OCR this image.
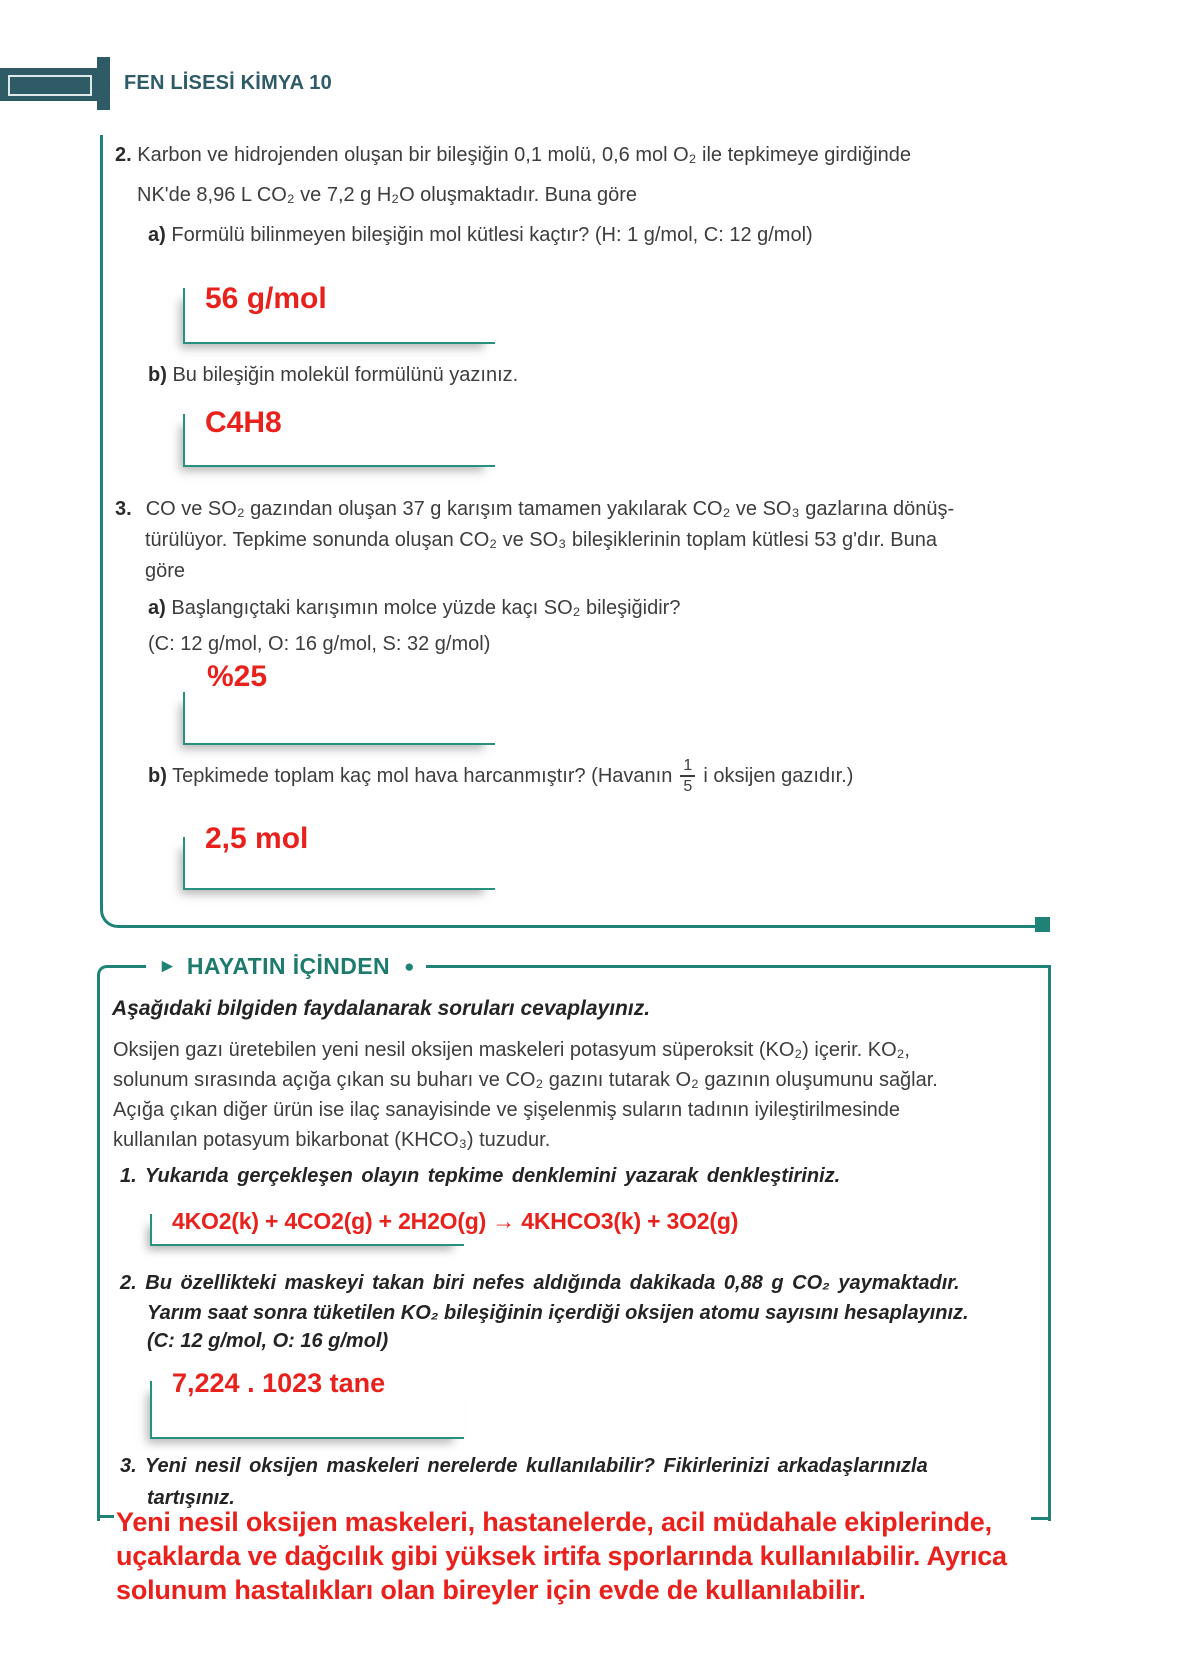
FEN LİSESİ KİMYA 10
2. Karbon ve hidrojenden oluşan bir bileşiğin 0,1 molü, 0,6 mol O₂ ile tepkimeye girdiğinde
NK'de 8,96 L CO₂ ve 7,2 g H₂O oluşmaktadır. Buna göre
a) Formülü bilinmeyen bileşiğin mol kütlesi kaçtır? (H: 1 g/mol, C: 12 g/mol)
56 g/mol
b) Bu bileşiğin molekül formülünü yazınız.
C4H8
3. CO ve SO₂ gazından oluşan 37 g karışım tamamen yakılarak CO₂ ve SO₃ gazlarına dönüş-
türülüyor. Tepkime sonunda oluşan CO₂ ve SO₃ bileşiklerinin toplam kütlesi 53 g'dır. Buna
göre
a) Başlangıçtaki karışımın molce yüzde kaçı SO₂ bileşiğidir?
(C: 12 g/mol, O: 16 g/mol, S: 32 g/mol)
%25
b) Tepkimede toplam kaç mol hava harcanmıştır? (Havanın $\frac{1}{5}$ i oksijen gazıdır.)
2,5 mol
► HAYATIN İÇİNDEN ●
Aşağıdaki bilgiden faydalanarak soruları cevaplayınız.
Oksijen gazı üretebilen yeni nesil oksijen maskeleri potasyum süperoksit (KO₂) içerir. KO₂,
solunum sırasında açığa çıkan su buharı ve CO₂ gazını tutarak O₂ gazının oluşumunu sağlar.
Açığa çıkan diğer ürün ise ilaç sanayisinde ve şişelenmiş suların tadının iyileştirilmesinde
kullanılan potasyum bikarbonat (KHCO₃) tuzudur.
1. Yukarıda gerçekleşen olayın tepkime denklemini yazarak denkleştiriniz.
4KO2(k) + 4CO2(g) + 2H2O(g) → 4KHCO3(k) + 3O2(g)
2. Bu özellikteki maskeyi takan biri nefes aldığında dakikada 0,88 g CO₂ yaymaktadır.
Yarım saat sonra tüketilen KO₂ bileşiğinin içerdiği oksijen atomu sayısını hesaplayınız.
(C: 12 g/mol, O: 16 g/mol)
7,224 . 1023 tane
3. Yeni nesil oksijen maskeleri nerelerde kullanılabilir? Fikirlerinizi arkadaşlarınızla
tartışınız.
Yeni nesil oksijen maskeleri, hastanelerde, acil müdahale ekiplerinde,
uçaklarda ve dağcılık gibi yüksek irtifa sporlarında kullanılabilir. Ayrıca
solunum hastalıkları olan bireyler için evde de kullanılabilir.
